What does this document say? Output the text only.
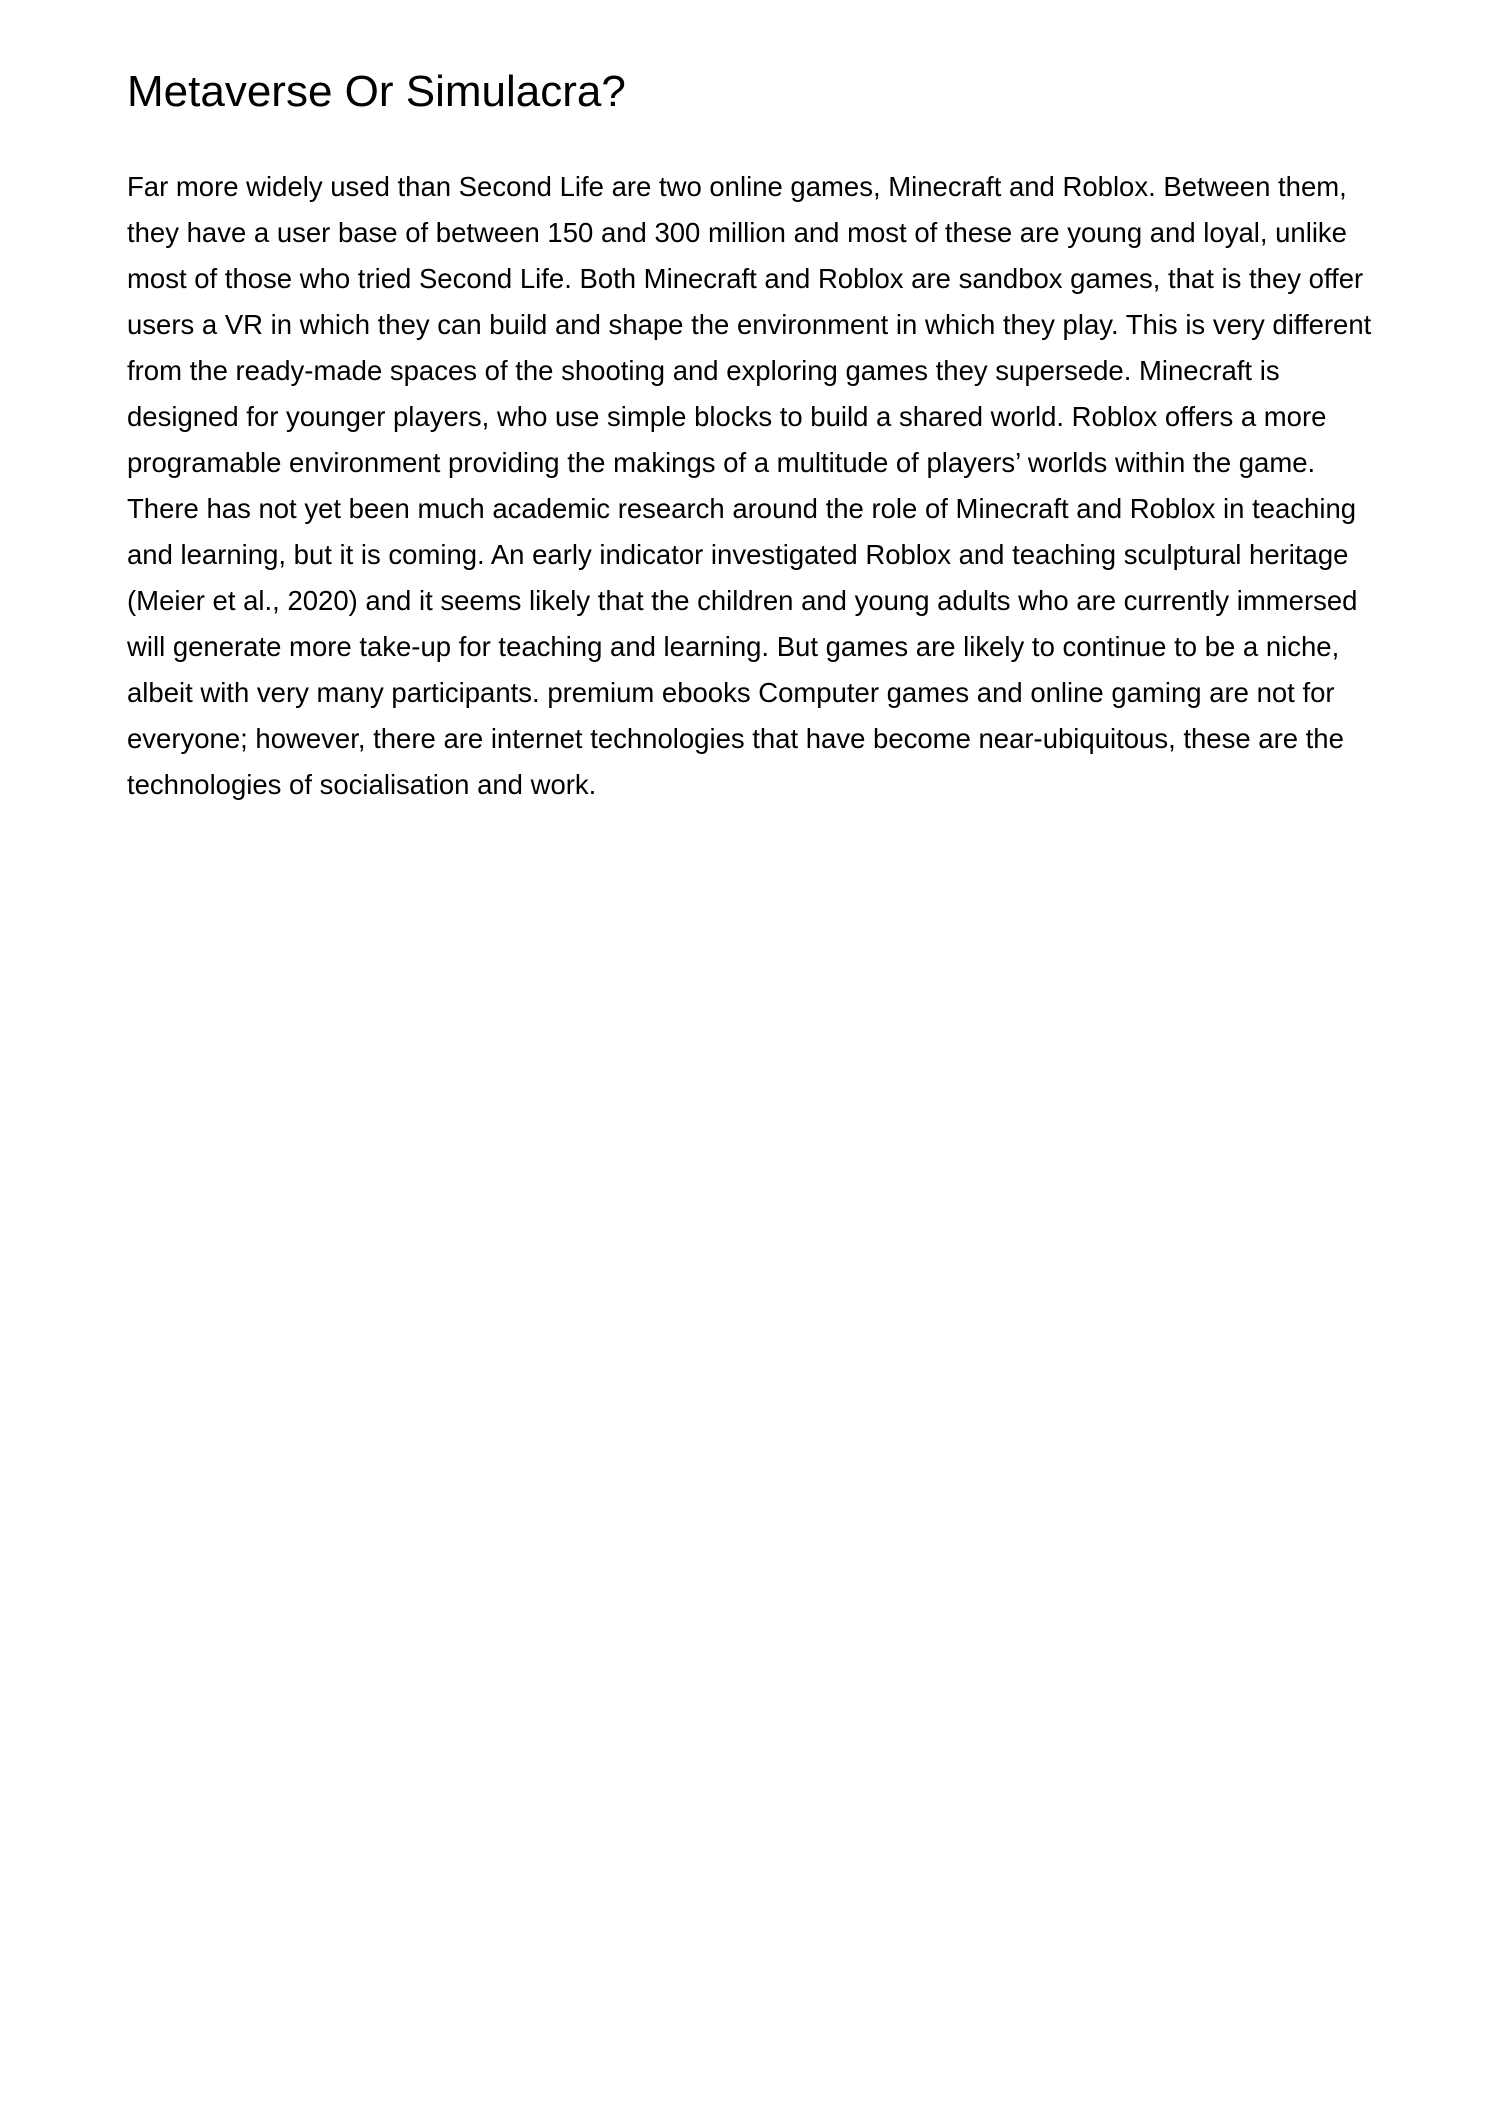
Metaverse Or Simulacra?

Far more widely used than Second Life are two online games, Minecraft and Roblox. Between them, they have a user base of between 150 and 300 million and most of these are young and loyal, unlike most of those who tried Second Life. Both Minecraft and Roblox are sandbox games, that is they offer users a VR in which they can build and shape the environment in which they play. This is very different from the ready-made spaces of the shooting and exploring games they supersede. Minecraft is designed for younger players, who use simple blocks to build a shared world. Roblox offers a more programable environment providing the makings of a multitude of players’ worlds within the game. There has not yet been much academic research around the role of Minecraft and Roblox in teaching and learning, but it is coming. An early indicator investigated Roblox and teaching sculptural heritage (Meier et al., 2020) and it seems likely that the children and young adults who are currently immersed will generate more take-up for teaching and learning. But games are likely to continue to be a niche, albeit with very many participants. premium ebooks Computer games and online gaming are not for everyone; however, there are internet technologies that have become near-ubiquitous, these are the technologies of socialisation and work.
